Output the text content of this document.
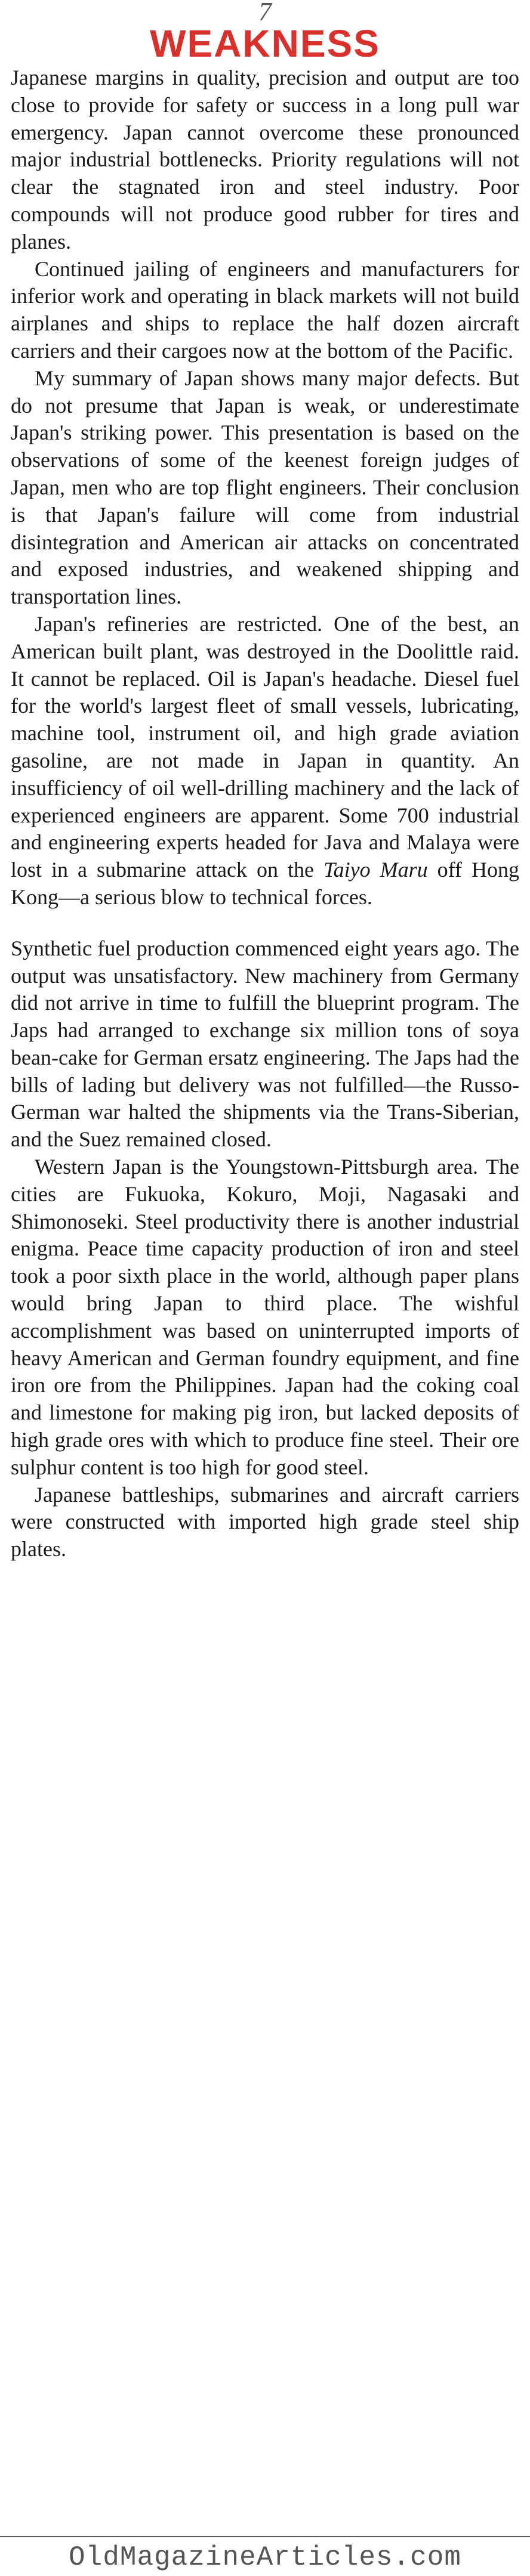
7
WEAKNESS

Japanese margins in quality, precision and output are too close to provide for safety or success in a long pull war emergency. Japan cannot overcome these pronounced major industrial bottlenecks. Priority regulations will not clear the stagnated iron and steel industry. Poor compounds will not produce good rubber for tires and planes.

Continued jailing of engineers and manufacturers for inferior work and operating in black markets will not build airplanes and ships to replace the half dozen aircraft carriers and their cargoes now at the bottom of the Pacific.

My summary of Japan shows many major defects. But do not presume that Japan is weak, or underestimate Japan's striking power. This presentation is based on the observations of some of the keenest foreign judges of Japan, men who are top flight engineers. Their conclusion is that Japan's failure will come from industrial disintegration and American air attacks on concentrated and exposed industries, and weakened shipping and transportation lines.

Japan's refineries are restricted. One of the best, an American built plant, was destroyed in the Doolittle raid. It cannot be replaced. Oil is Japan's headache. Diesel fuel for the world's largest fleet of small vessels, lubricating, machine tool, instrument oil, and high grade aviation gasoline, are not made in Japan in quantity. An insufficiency of oil well-drilling machinery and the lack of experienced engineers are apparent. Some 700 industrial and engineering experts headed for Java and Malaya were lost in a submarine attack on the Taiyo Maru off Hong Kong—a serious blow to technical forces.

Synthetic fuel production commenced eight years ago. The output was unsatisfactory. New machinery from Germany did not arrive in time to fulfill the blueprint program. The Japs had arranged to exchange six million tons of soya bean-cake for German ersatz engineering. The Japs had the bills of lading but delivery was not fulfilled—the Russo-German war halted the shipments via the Trans-Siberian, and the Suez remained closed.

Western Japan is the Youngstown-Pittsburgh area. The cities are Fukuoka, Kokuro, Moji, Nagasaki and Shimonoseki. Steel productivity there is another industrial enigma. Peace time capacity production of iron and steel took a poor sixth place in the world, although paper plans would bring Japan to third place. The wishful accomplishment was based on uninterrupted imports of heavy American and German foundry equipment, and fine iron ore from the Philippines. Japan had the coking coal and limestone for making pig iron, but lacked deposits of high grade ores with which to produce fine steel. Their ore sulphur content is too high for good steel.

Japanese battleships, submarines and aircraft carriers were constructed with imported high grade steel ship plates.

OldMagazineArticles.com
